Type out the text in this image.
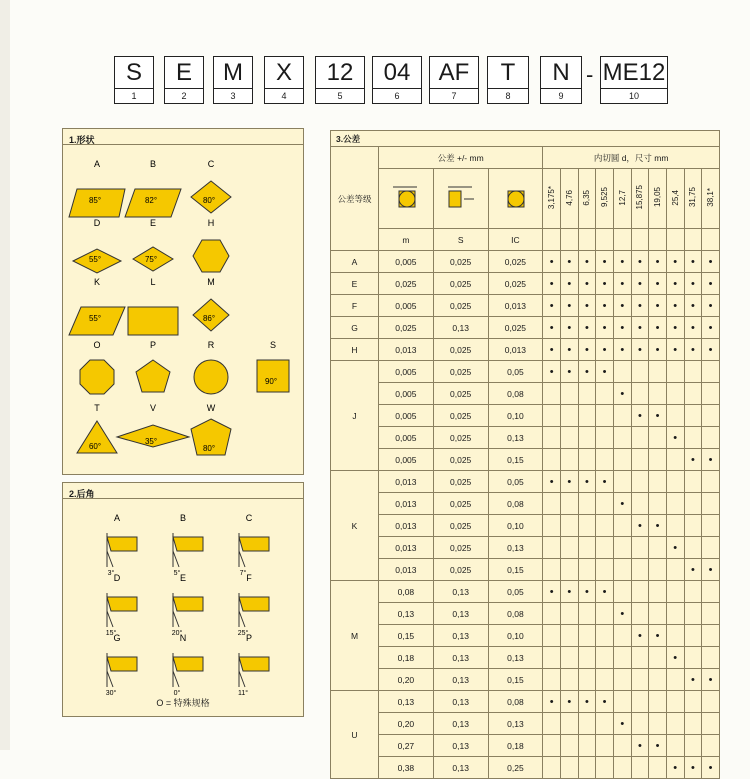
S
1
E
2
M
3
X
4
12
5
04
6
AF
7
T
8
N
9
ME12
10
-
1.形状
A
85°
B
82°
C
80°
D
55°
E
75°
H
K
55°
L	M
86°
O	P	R	S
90°
T
60°
V
35°
W
80°
2.后角
A
3°
B
5°
C
7°
D
15°
E
20°
F
25°
G
30°
N
0°
P
11°
O = 特殊规格
3.公差													
公差等级	公差 +/- mm			内切圆 d，尺寸 mm									
			3,175*	4,76	6,35	9,525	12,7	15,875	19,05	25,4	31,75	38,1*
	m	S	IC										
A	0,005	0,025	0,025	•	•	•	•	•	•	•	•	•	•
E	0,025	0,025	0,025	•	•	•	•	•	•	•	•	•	•
F	0,005	0,025	0,013	•	•	•	•	•	•	•	•	•	•
G	0,025	0,13	0,025	•	•	•	•	•	•	•	•	•	•
H	0,013	0,025	0,013	•	•	•	•	•	•	•	•	•	•
J	0,005	0,025	0,05	•	•	•	•						
	0,005	0,025	0,08					•					
	0,005	0,025	0,10						•	•			
	0,005	0,025	0,13								•		
	0,005	0,025	0,15									•	•
K	0,013	0,025	0,05	•	•	•	•						
	0,013	0,025	0,08					•					
	0,013	0,025	0,10						•	•			
	0,013	0,025	0,13								•		
	0,013	0,025	0,15									•	•
M	0,08	0,13	0,05	•	•	•	•						
	0,13	0,13	0,08					•					
	0,15	0,13	0,10						•	•			
	0,18	0,13	0,13								•		
	0,20	0,13	0,15									•	•
U	0,13	0,13	0,08	•	•	•	•						
	0,20	0,13	0,13					•					
	0,27	0,13	0,18						•	•			
	0,38	0,13	0,25								•	•	•
